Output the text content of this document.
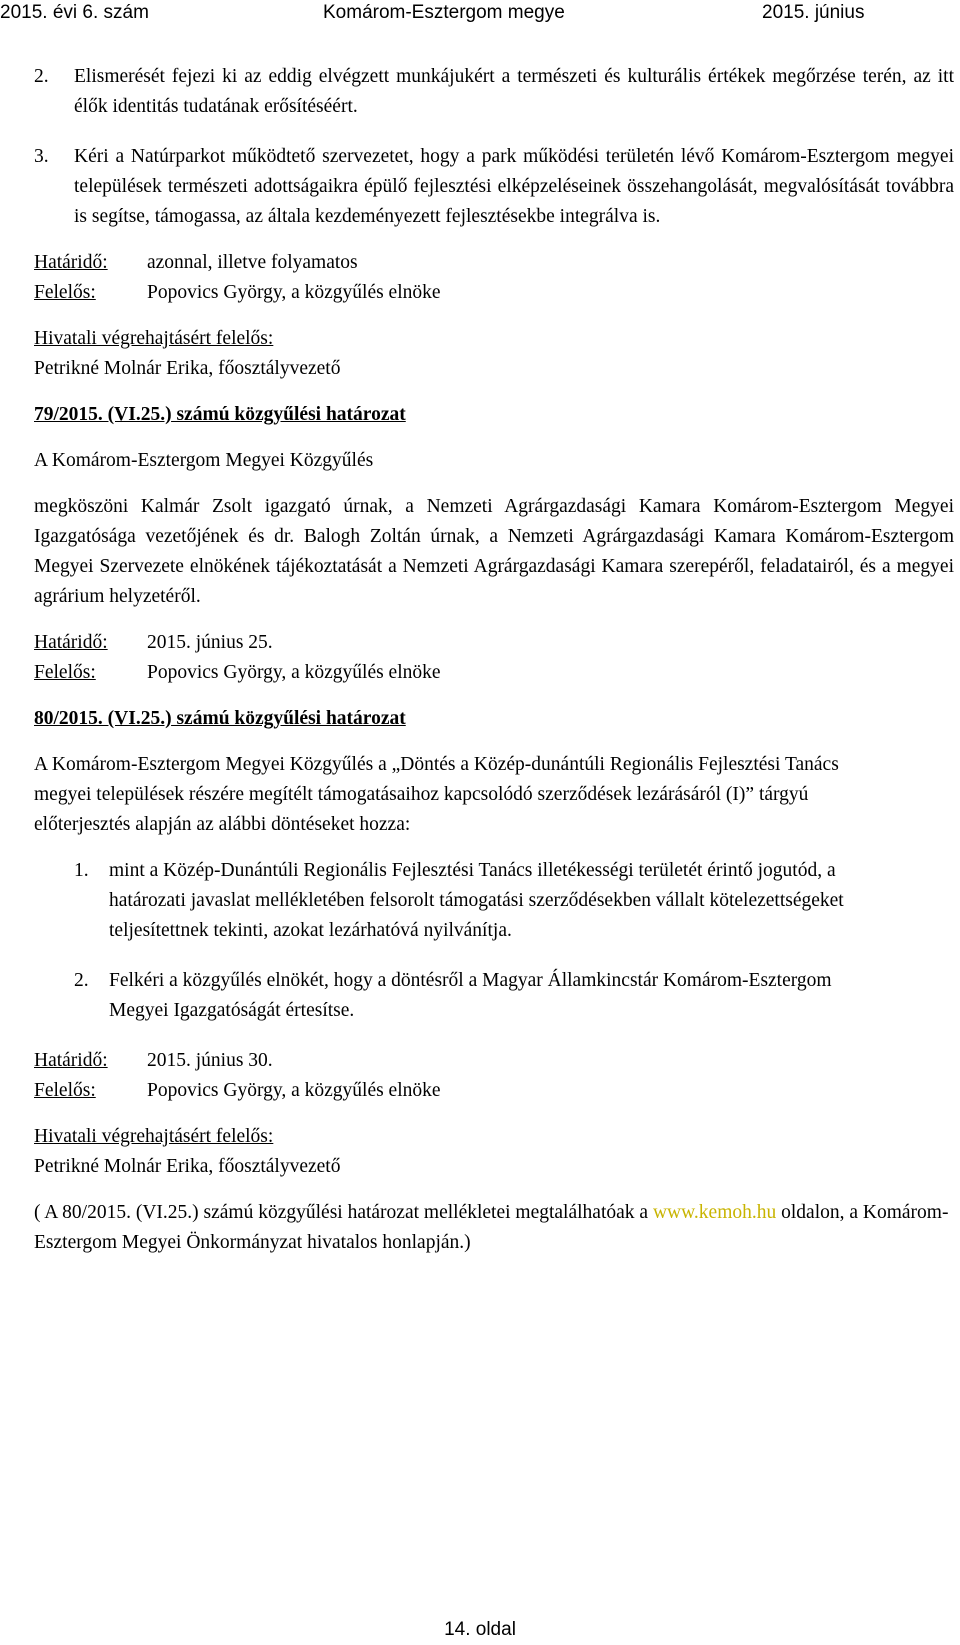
2015. évi 6. szám	Komárom-Esztergom megye	2015. június
2.	Elismerését fejezi ki az eddig elvégzett munkájukért a természeti és kulturális értékek megőrzése terén, az itt élők identitás tudatának erősítéséért.
3.	Kéri a Natúrparkot működtető szervezetet, hogy a park működési területén lévő Komárom-Esztergom megyei települések természeti adottságaikra épülő fejlesztési elképzeléseinek összehangolását, megvalósítását továbbra is segítse, támogassa, az általa kezdeményezett fejlesztésekbe integrálva is.
Határidő:	azonnal, illetve folyamatos
Felelős:	Popovics György, a közgyűlés elnöke

Hivatali végrehajtásért felelős:

Petrikné Molnár Erika, főosztályvezető

79/2015. (VI.25.) számú közgyűlési határozat

A Komárom-Esztergom Megyei Közgyűlés

megköszöni Kalmár Zsolt igazgató úrnak, a Nemzeti Agrárgazdasági Kamara Komárom-Esztergom Megyei Igazgatósága vezetőjének és dr. Balogh Zoltán úrnak, a Nemzeti Agrárgazdasági Kamara Komárom-Esztergom Megyei Szervezete elnökének tájékoztatását a Nemzeti Agrárgazdasági Kamara szerepéről, feladatairól, és a megyei agrárium helyzetéről.

Határidő:	2015. június 25.
Felelős:	Popovics György, a közgyűlés elnöke

80/2015. (VI.25.) számú közgyűlési határozat

A Komárom-Esztergom Megyei Közgyűlés a „Döntés a Közép-dunántúli Regionális Fejlesztési Tanács megyei települések részére megítélt támogatásaihoz kapcsolódó szerződések lezárásáról (I)” tárgyú előterjesztés alapján az alábbi döntéseket hozza:

1.	mint a Közép-Dunántúli Regionális Fejlesztési Tanács illetékességi területét érintő jogutód, a határozati javaslat mellékletében felsorolt támogatási szerződésekben vállalt kötelezettségeket teljesítettnek tekinti, azokat lezárhatóvá nyilvánítja.
2.	Felkéri a közgyűlés elnökét, hogy a döntésről a Magyar Államkincstár Komárom-Esztergom Megyei Igazgatóságát értesítse.
Határidő:	2015. június 30.
Felelős:	Popovics György, a közgyűlés elnöke

Hivatali végrehajtásért felelős:

Petrikné Molnár Erika, főosztályvezető

( A 80/2015. (VI.25.) számú közgyűlési határozat mellékletei megtalálhatóak a www.kemoh.hu oldalon, a Komárom-Esztergom Megyei Önkormányzat hivatalos honlapján.)

14. oldal
